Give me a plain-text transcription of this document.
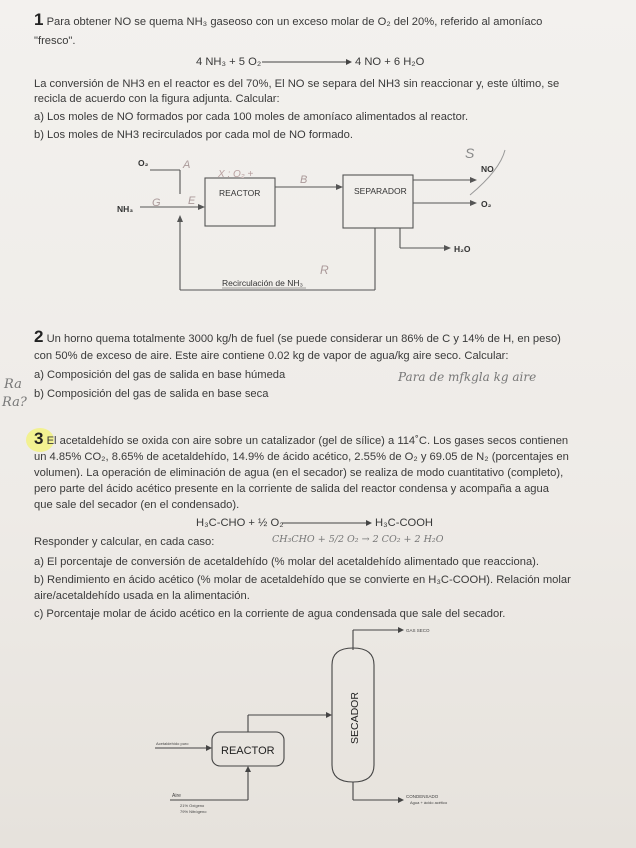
1 Para obtener NO se quema NH₃ gaseoso con un exceso molar de O₂ del 20%, referido al amoníaco
"fresco".
4 NH₃ + 5 O₂	4 NO + 6 H₂O
La conversión de NH3 en el reactor es del 70%, El NO se separa del NH3 sin reaccionar y, este último, se
recicla de acuerdo con la figura adjunta. Calcular:
a) Los moles de NO formados por cada 100 moles de amoníaco alimentados al reactor.
b) Los moles de NH3 recirculados por cada mol de NO formado.
O₂
NH₃
REACTOR	SEPARADOR
NO
O₂
H₂O
Recirculación de NH₃
A
G E
X : O₂ +	B
S
R
2 Un horno quema totalmente 3000 kg/h de fuel (se puede considerar un 86% de C y 14% de H, en peso)
con 50% de exceso de aire. Este aire contiene 0.02 kg de vapor de agua/kg aire seco. Calcular:
a) Composición del gas de salida en base húmeda
b) Composición del gas de salida en base seca
Para de mfkgla kg aire
Ra
Ra?
3 El acetaldehído se oxida con aire sobre un catalizador (gel de sílice) a 114˚C. Los gases secos contienen
un 4.85% CO₂, 8.65% de acetaldehído, 14.9% de ácido acético, 2.55% de O₂ y 69.05 de N₂ (porcentajes en
volumen). La operación de eliminación de agua (en el secador) se realiza de modo cuantitativo (completo),
pero parte del ácido acético presente en la corriente de salida del reactor condensa y acompaña a agua
que sale del secador (en el condensado).
H₃C-CHO + ½ O₂	H₃C-COOH
Responder y calcular, en cada caso:	CH₃CHO + 5/2 O₂ → 2 CO₂ + 2 H₂O
a) El porcentaje de conversión de acetaldehído (% molar del acetaldehído alimentado que reacciona).
b) Rendimiento en ácido acético (% molar de acetaldehído que se convierte en H₃C-COOH). Relación molar
aire/acetaldehído usada en la alimentación.
c) Porcentaje molar de ácido acético en la corriente de agua condensada que sale del secador.
GAS SECO
SECADOR
REACTOR
Acetaldehído puro
Aire
21% Oxígeno
79% Nitrógeno
CONDENSADO
Agua + ácido acético
